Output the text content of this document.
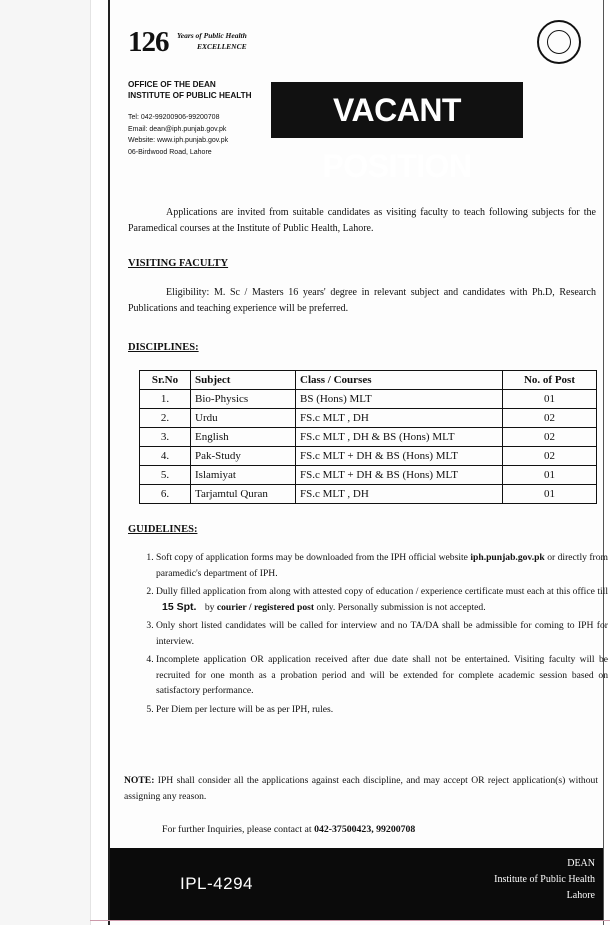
126 Years of Public Health
EXCELLENCE
OFFICE OF THE DEAN
INSTITUTE OF PUBLIC HEALTH
Tel: 042-99200906-99200708
Email: dean@iph.punjab.gov.pk
Website: www.iph.punjab.gov.pk
06-Birdwood Road, Lahore
VACANT POSITION

Applications are invited from suitable candidates as visiting faculty to teach following subjects for the Paramedical courses at the Institute of Public Health, Lahore.

VISITING FACULTY

Eligibility: M. Sc / Masters 16 years' degree in relevant subject and candidates with Ph.D, Research Publications and teaching experience will be preferred.

DISCIPLINES:
Sr.No	Subject	Class / Courses	No. of Post
1.	Bio-Physics	BS (Hons) MLT	01
2.	Urdu	FS.c MLT , DH	02
3.	English	FS.c MLT , DH & BS (Hons) MLT	02
4.	Pak-Study	FS.c MLT + DH & BS (Hons) MLT	02
5.	Islamiyat	FS.c MLT + DH & BS (Hons) MLT	01
6.	Tarjamtul Quran	FS.c MLT , DH	01
GUIDELINES:
1. Soft copy of application forms may be downloaded from the IPH official website iph.punjab.gov.pk or directly from paramedic's department of IPH.
2. Dully filled application from along with attested copy of education / experience certificate must each at this office till 15 Spt. by courier / registered post only. Personally submission is not accepted.
3. Only short listed candidates will be called for interview and no TA/DA shall be admissible for coming to IPH for interview.
4. Incomplete application OR application received after due date shall not be entertained. Visiting faculty will be recruited for one month as a probation period and will be extended for complete academic session based on satisfactory performance.
5. Per Diem per lecture will be as per IPH, rules.
NOTE: IPH shall consider all the applications against each discipline, and may accept OR reject application(s) without assigning any reason.
For further Inquiries, please contact at 042-37500423, 99200708
IPL-4294
DEAN
Institute of Public Health
Lahore
